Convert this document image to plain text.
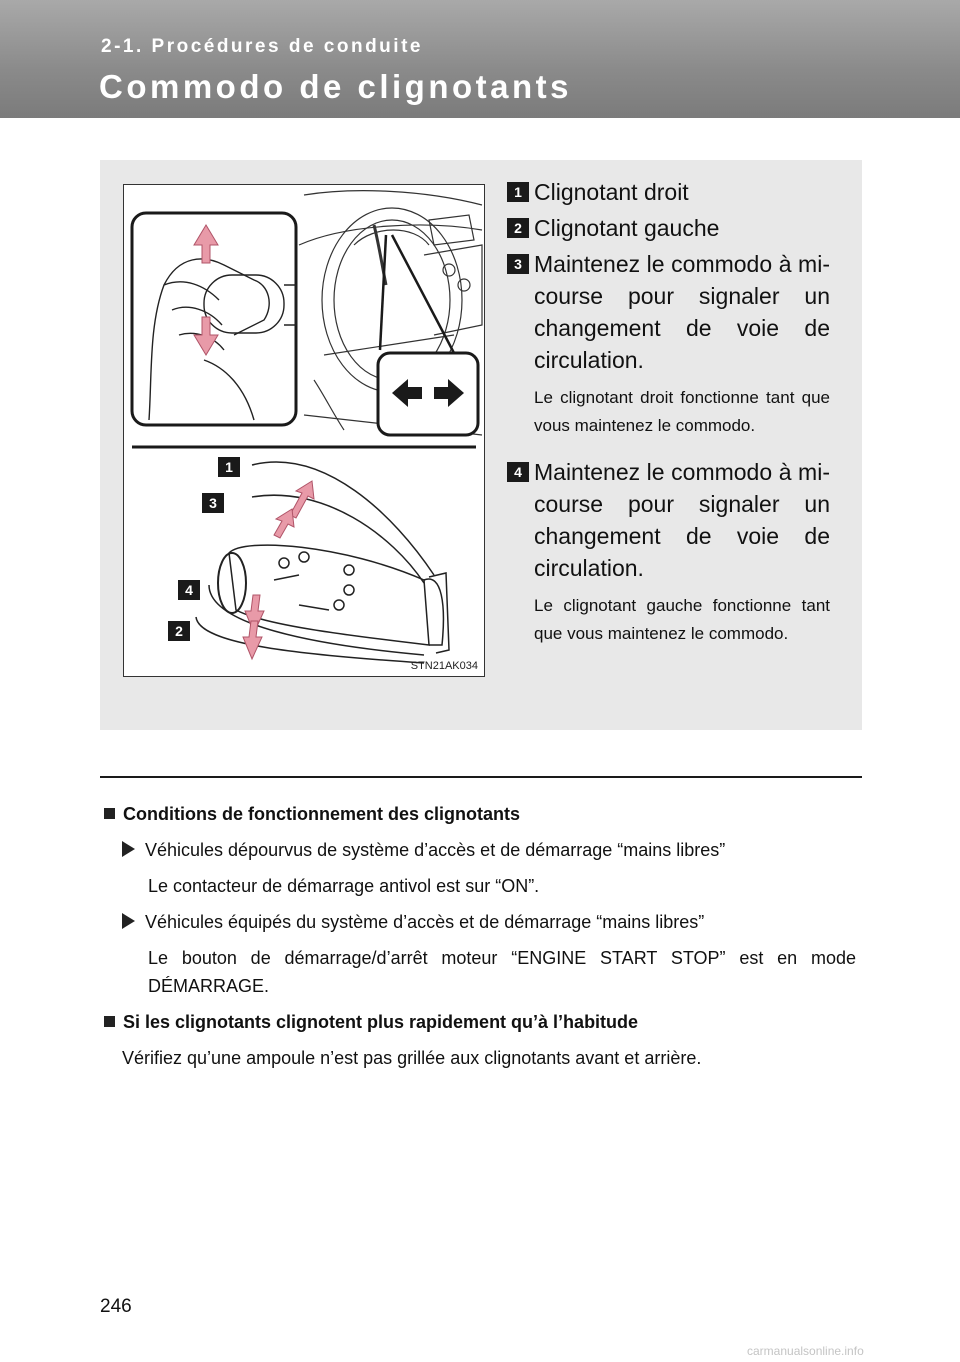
2-1. Procédures de conduite
Commodo de clignotants
1
3
4
2
STN21AK034
1 Clignotant droit
2 Clignotant gauche
3 Maintenez le commodo à mi-course pour signaler un changement de voie de circulation.
Le clignotant droit fonctionne tant que vous maintenez le commodo.
4 Maintenez le commodo à mi-course pour signaler un changement de voie de circulation.
Le clignotant gauche fonctionne tant que vous maintenez le commodo.
Conditions de fonctionnement des clignotants
Véhicules dépourvus de système d’accès et de démarrage “mains libres”
Le contacteur de démarrage antivol est sur “ON”.
Véhicules équipés du système d’accès et de démarrage “mains libres”
Le bouton de démarrage/d’arrêt moteur “ENGINE START STOP” est en mode DÉMARRAGE.
Si les clignotants clignotent plus rapidement qu’à l’habitude
Vérifiez qu’une ampoule n’est pas grillée aux clignotants avant et arrière.
246
carmanualsonline.info
